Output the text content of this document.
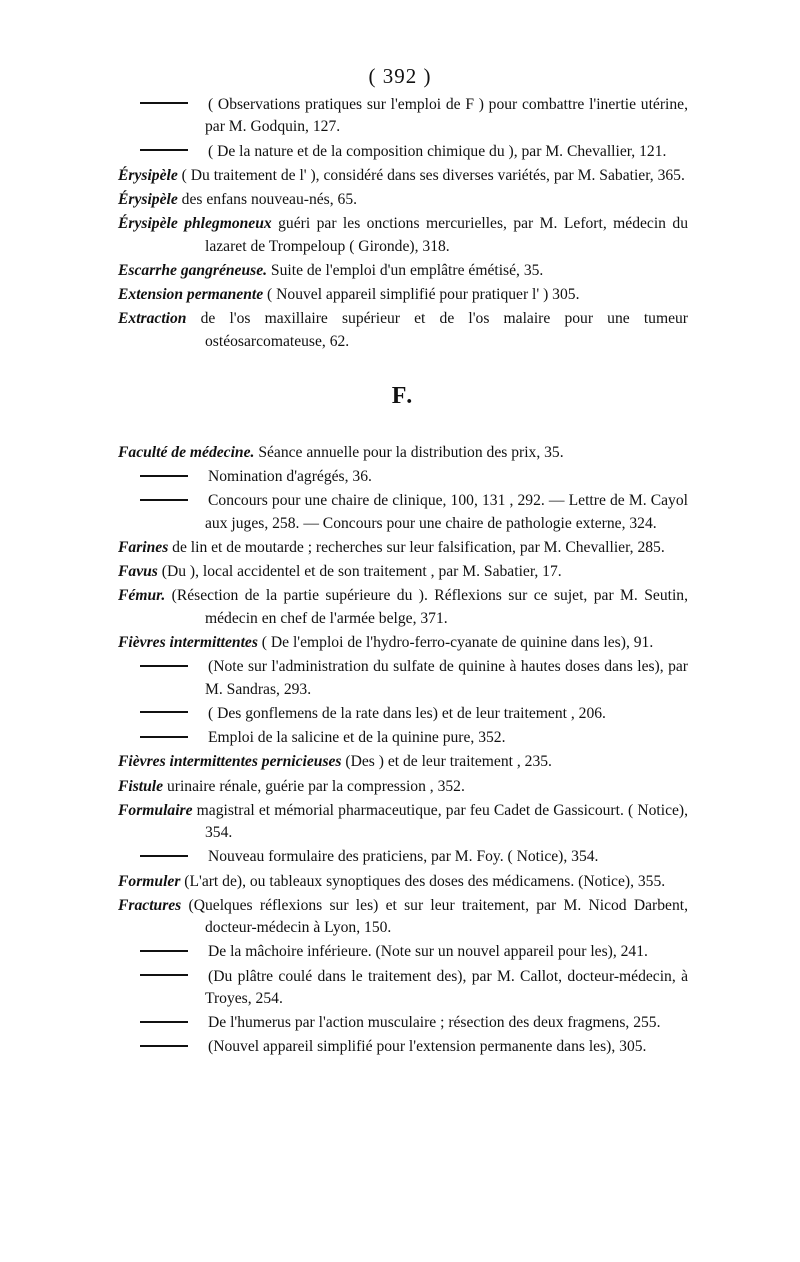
( 392 )
( Observations pratiques sur l'emploi de F ) pour combattre l'inertie utérine, par M. Godquin, 127.
( De la nature et de la composition chimique du ), par M. Chevallier, 121.
Érysipèle ( Du traitement de l' ), considéré dans ses diverses variétés, par M. Sabatier, 365.
Érysipèle des enfans nouveau-nés, 65.
Érysipèle phlegmoneux guéri par les onctions mercurielles, par M. Lefort, médecin du lazaret de Trompeloup ( Gironde), 318.
Escarrhe gangréneuse. Suite de l'emploi d'un emplâtre émétisé, 35.
Extension permanente ( Nouvel appareil simplifié pour pratiquer l' ) 305.
Extraction de l'os maxillaire supérieur et de l'os malaire pour une tumeur ostéosarcomateuse, 62.
F.
Faculté de médecine. Séance annuelle pour la distribution des prix, 35.
Nomination d'agrégés, 36.
Concours pour une chaire de clinique, 100, 131 , 292. — Lettre de M. Cayol aux juges, 258. — Concours pour une chaire de pathologie externe, 324.
Farines de lin et de moutarde ; recherches sur leur falsification, par M. Chevallier, 285.
Favus (Du ), local accidentel et de son traitement , par M. Sabatier, 17.
Fémur. (Résection de la partie supérieure du ). Réflexions sur ce sujet, par M. Seutin, médecin en chef de l'armée belge, 371.
Fièvres intermittentes ( De l'emploi de l'hydro-ferro-cyanate de quinine dans les), 91.
(Note sur l'administration du sulfate de quinine à hautes doses dans les), par M. Sandras, 293.
( Des gonflemens de la rate dans les) et de leur traitement , 206.
Emploi de la salicine et de la quinine pure, 352.
Fièvres intermittentes pernicieuses (Des ) et de leur traitement , 235.
Fistule urinaire rénale, guérie par la compression , 352.
Formulaire magistral et mémorial pharmaceutique, par feu Cadet de Gassicourt. ( Notice), 354.
Nouveau formulaire des praticiens, par M. Foy. ( Notice), 354.
Formuler (L'art de), ou tableaux synoptiques des doses des médicamens. (Notice), 355.
Fractures (Quelques réflexions sur les) et sur leur traitement, par M. Nicod Darbent, docteur-médecin à Lyon, 150.
De la mâchoire inférieure. (Note sur un nouvel appareil pour les), 241.
(Du plâtre coulé dans le traitement des), par M. Callot, docteur-médecin, à Troyes, 254.
De l'humerus par l'action musculaire ; résection des deux fragmens, 255.
(Nouvel appareil simplifié pour l'extension permanente dans les), 305.
